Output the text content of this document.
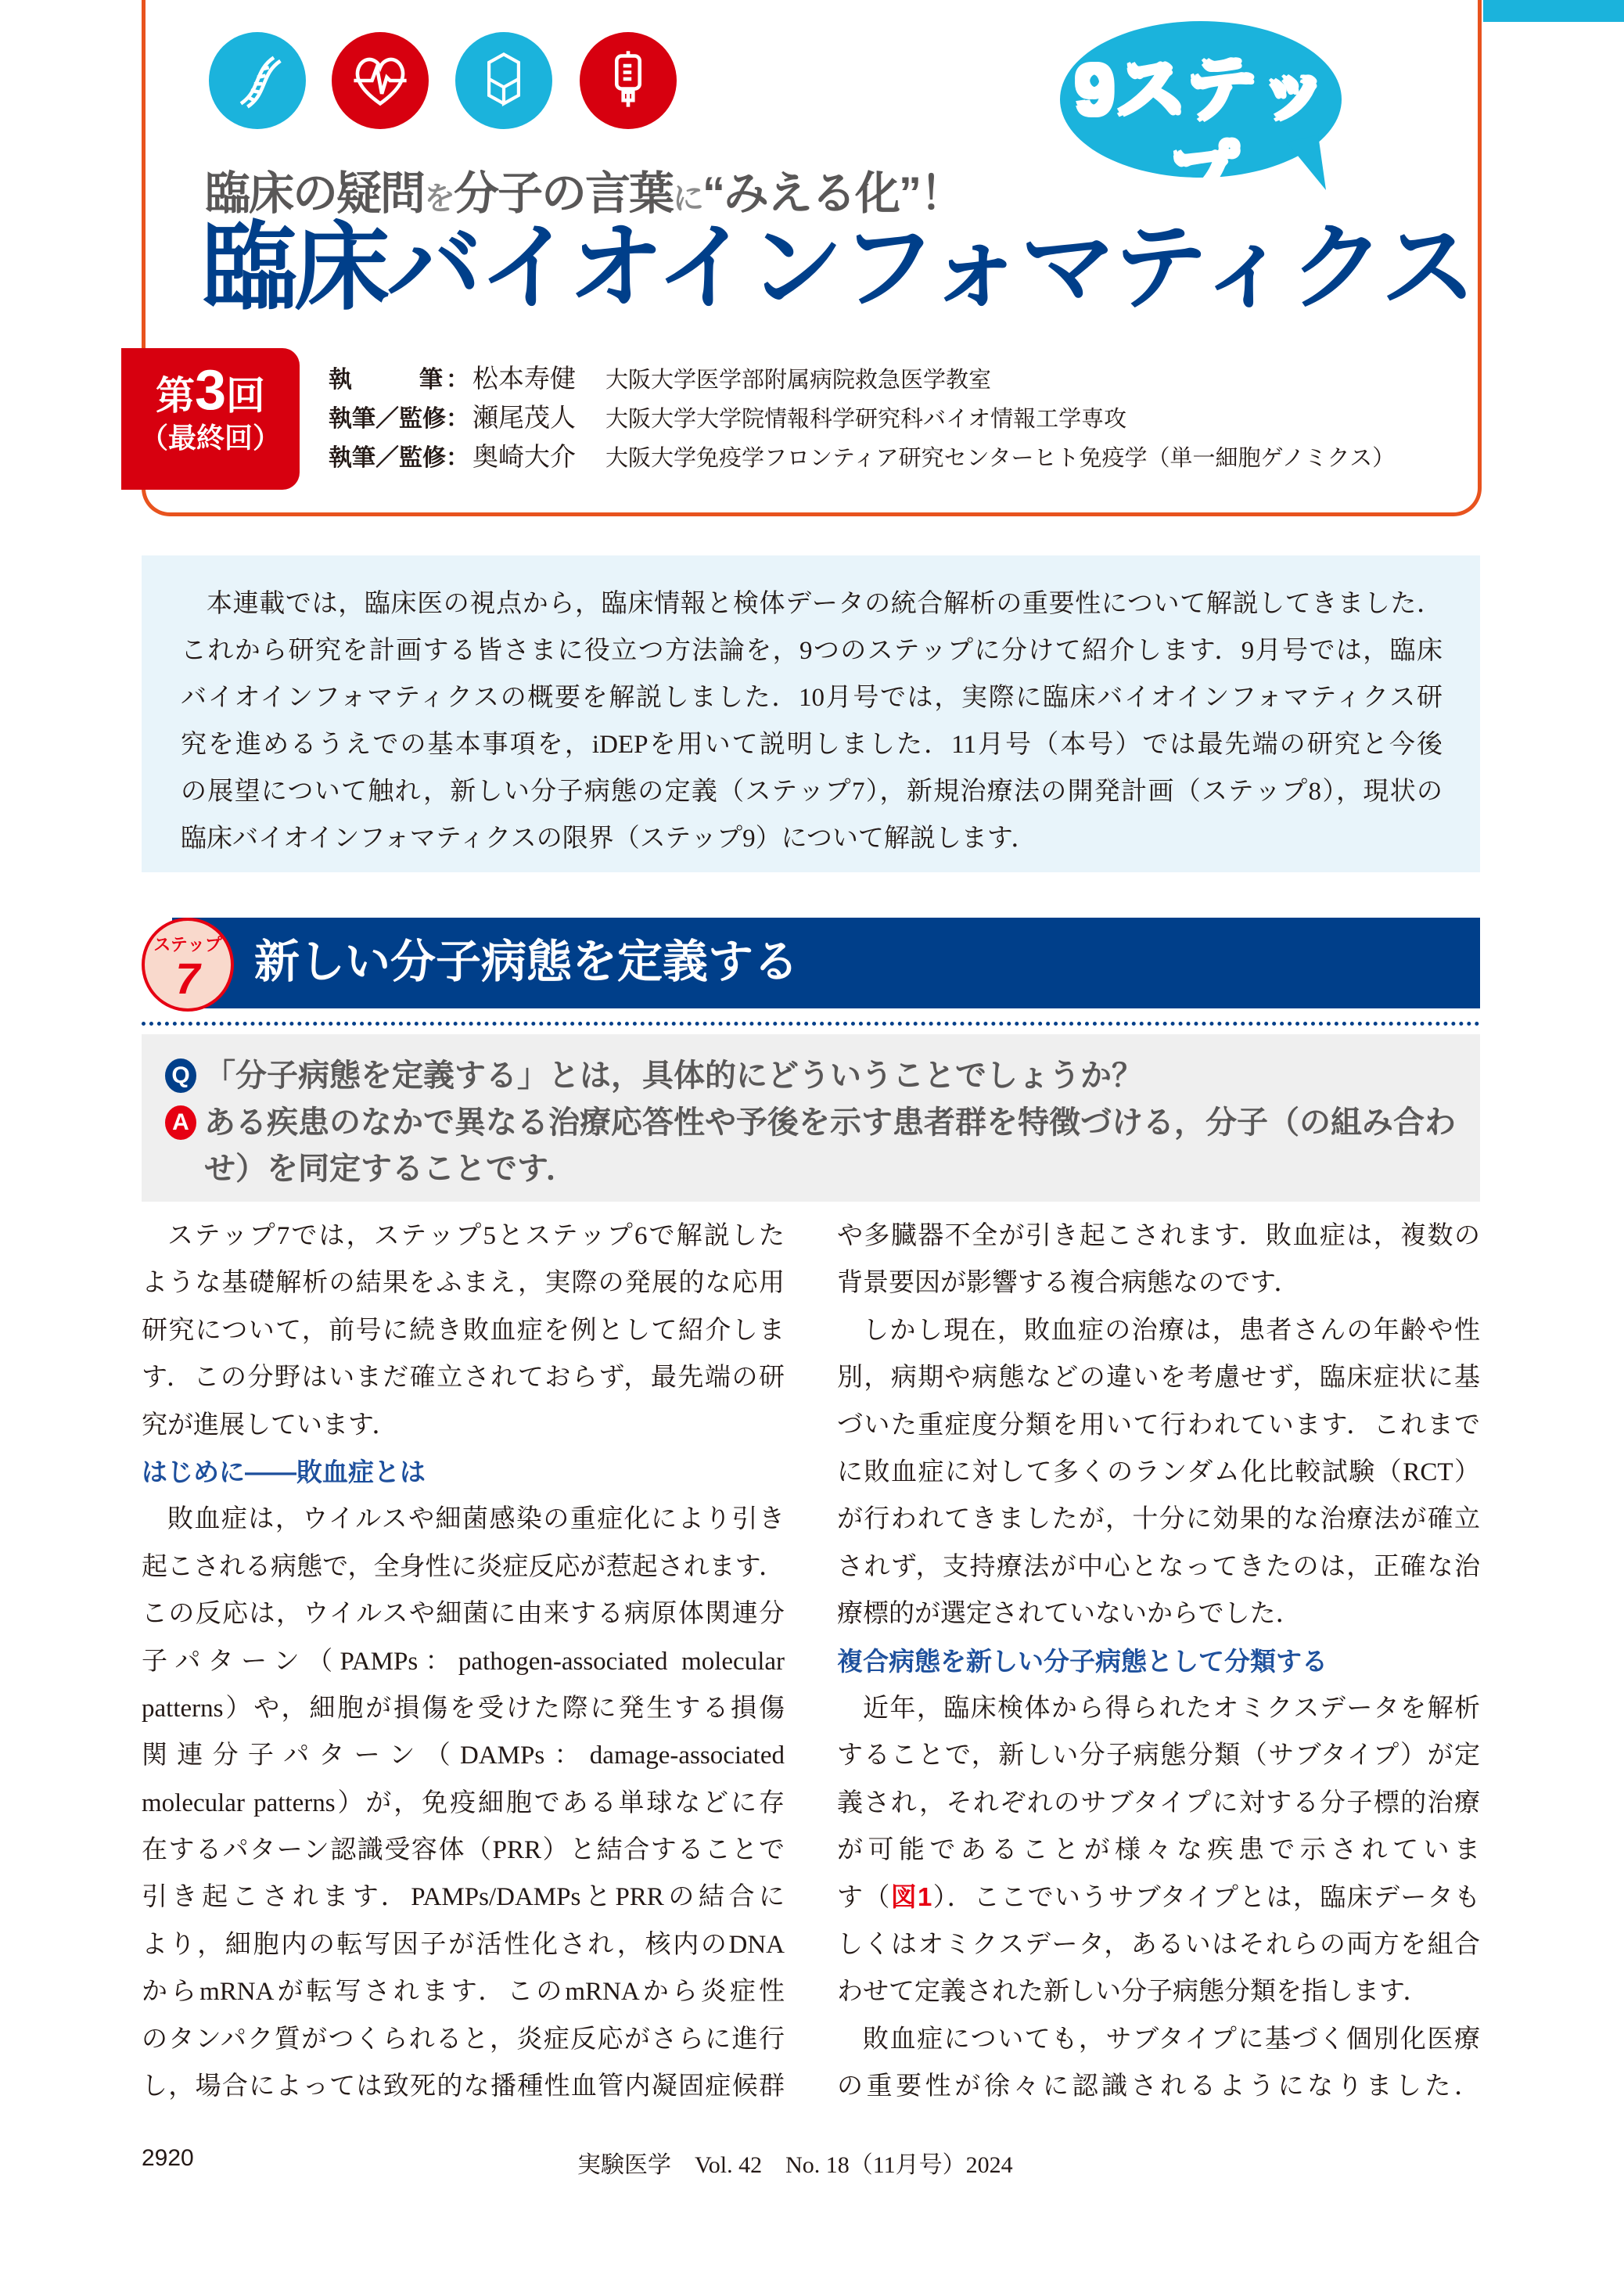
9ステップ
臨床の疑問を分子の言葉に“みえる化”！
臨床バイオインフォマティクス
第3回
（最終回）
執筆 ： 松本寿健 大阪大学医学部附属病院救急医学教室
執筆／監修： 瀬尾茂人 大阪大学大学院情報科学研究科バイオ情報工学専攻
執筆／監修： 奥崎大介 大阪大学免疫学フロンティア研究センターヒト免疫学（単一細胞ゲノミクス）
本連載では，臨床医の視点から，臨床情報と検体データの統合解析の重要性について解説してきました．
これから研究を計画する皆さまに役立つ方法論を，9つのステップに分けて紹介します．9月号では，臨床
バイオインフォマティクスの概要を解説しました．10月号では，実際に臨床バイオインフォマティクス研
究を進めるうえでの基本事項を，iDEPを用いて説明しました．11月号（本号）では最先端の研究と今後
の展望について触れ，新しい分子病態の定義（ステップ7），新規治療法の開発計画（ステップ8），現状の
臨床バイオインフォマティクスの限界（ステップ9）について解説します．
ステップ
7	新しい分子病態を定義する
Q 「分子病態を定義する」とは，具体的にどういうことでしょうか？
A ある疾患のなかで異なる治療応答性や予後を示す患者群を特徴づける，分子（の組み合わ
せ）を同定することです．
ステップ7では，ステップ5とステップ6で解説した
ような基礎解析の結果をふまえ，実際の発展的な応用
研究について，前号に続き敗血症を例として紹介しま
す．この分野はいまだ確立されておらず，最先端の研
究が進展しています．
はじめに――敗血症とは
敗血症は，ウイルスや細菌感染の重症化により引き
起こされる病態で，全身性に炎症反応が惹起されます．
この反応は，ウイルスや細菌に由来する病原体関連分
子パターン（PAMPs：pathogen-associated molecular
patterns）や，細胞が損傷を受けた際に発生する損傷
関連分子パターン（DAMPs：damage-associated
molecular patterns）が，免疫細胞である単球などに存
在するパターン認識受容体（PRR）と結合することで
引き起こされます．PAMPs/DAMPsとPRRの結合に
より，細胞内の転写因子が活性化され，核内のDNA
からmRNAが転写されます．このmRNAから炎症性
のタンパク質がつくられると，炎症反応がさらに進行
し，場合によっては致死的な播種性血管内凝固症候群
や多臓器不全が引き起こされます．敗血症は，複数の
背景要因が影響する複合病態なのです．
しかし現在，敗血症の治療は，患者さんの年齢や性
別，病期や病態などの違いを考慮せず，臨床症状に基
づいた重症度分類を用いて行われています．これまで
に敗血症に対して多くのランダム化比較試験（RCT）
が行われてきましたが，十分に効果的な治療法が確立
されず，支持療法が中心となってきたのは，正確な治
療標的が選定されていないからでした．
複合病態を新しい分子病態として分類する
近年，臨床検体から得られたオミクスデータを解析
することで，新しい分子病態分類（サブタイプ）が定
義され，それぞれのサブタイプに対する分子標的治療
が可能であることが様々な疾患で示されていま
す（図1）．ここでいうサブタイプとは，臨床データも
しくはオミクスデータ，あるいはそれらの両方を組合
わせて定義された新しい分子病態分類を指します．
敗血症についても，サブタイプに基づく個別化医療
の重要性が徐々に認識されるようになりました．
2920	実験医学　Vol. 42　No. 18（11月号）2024
